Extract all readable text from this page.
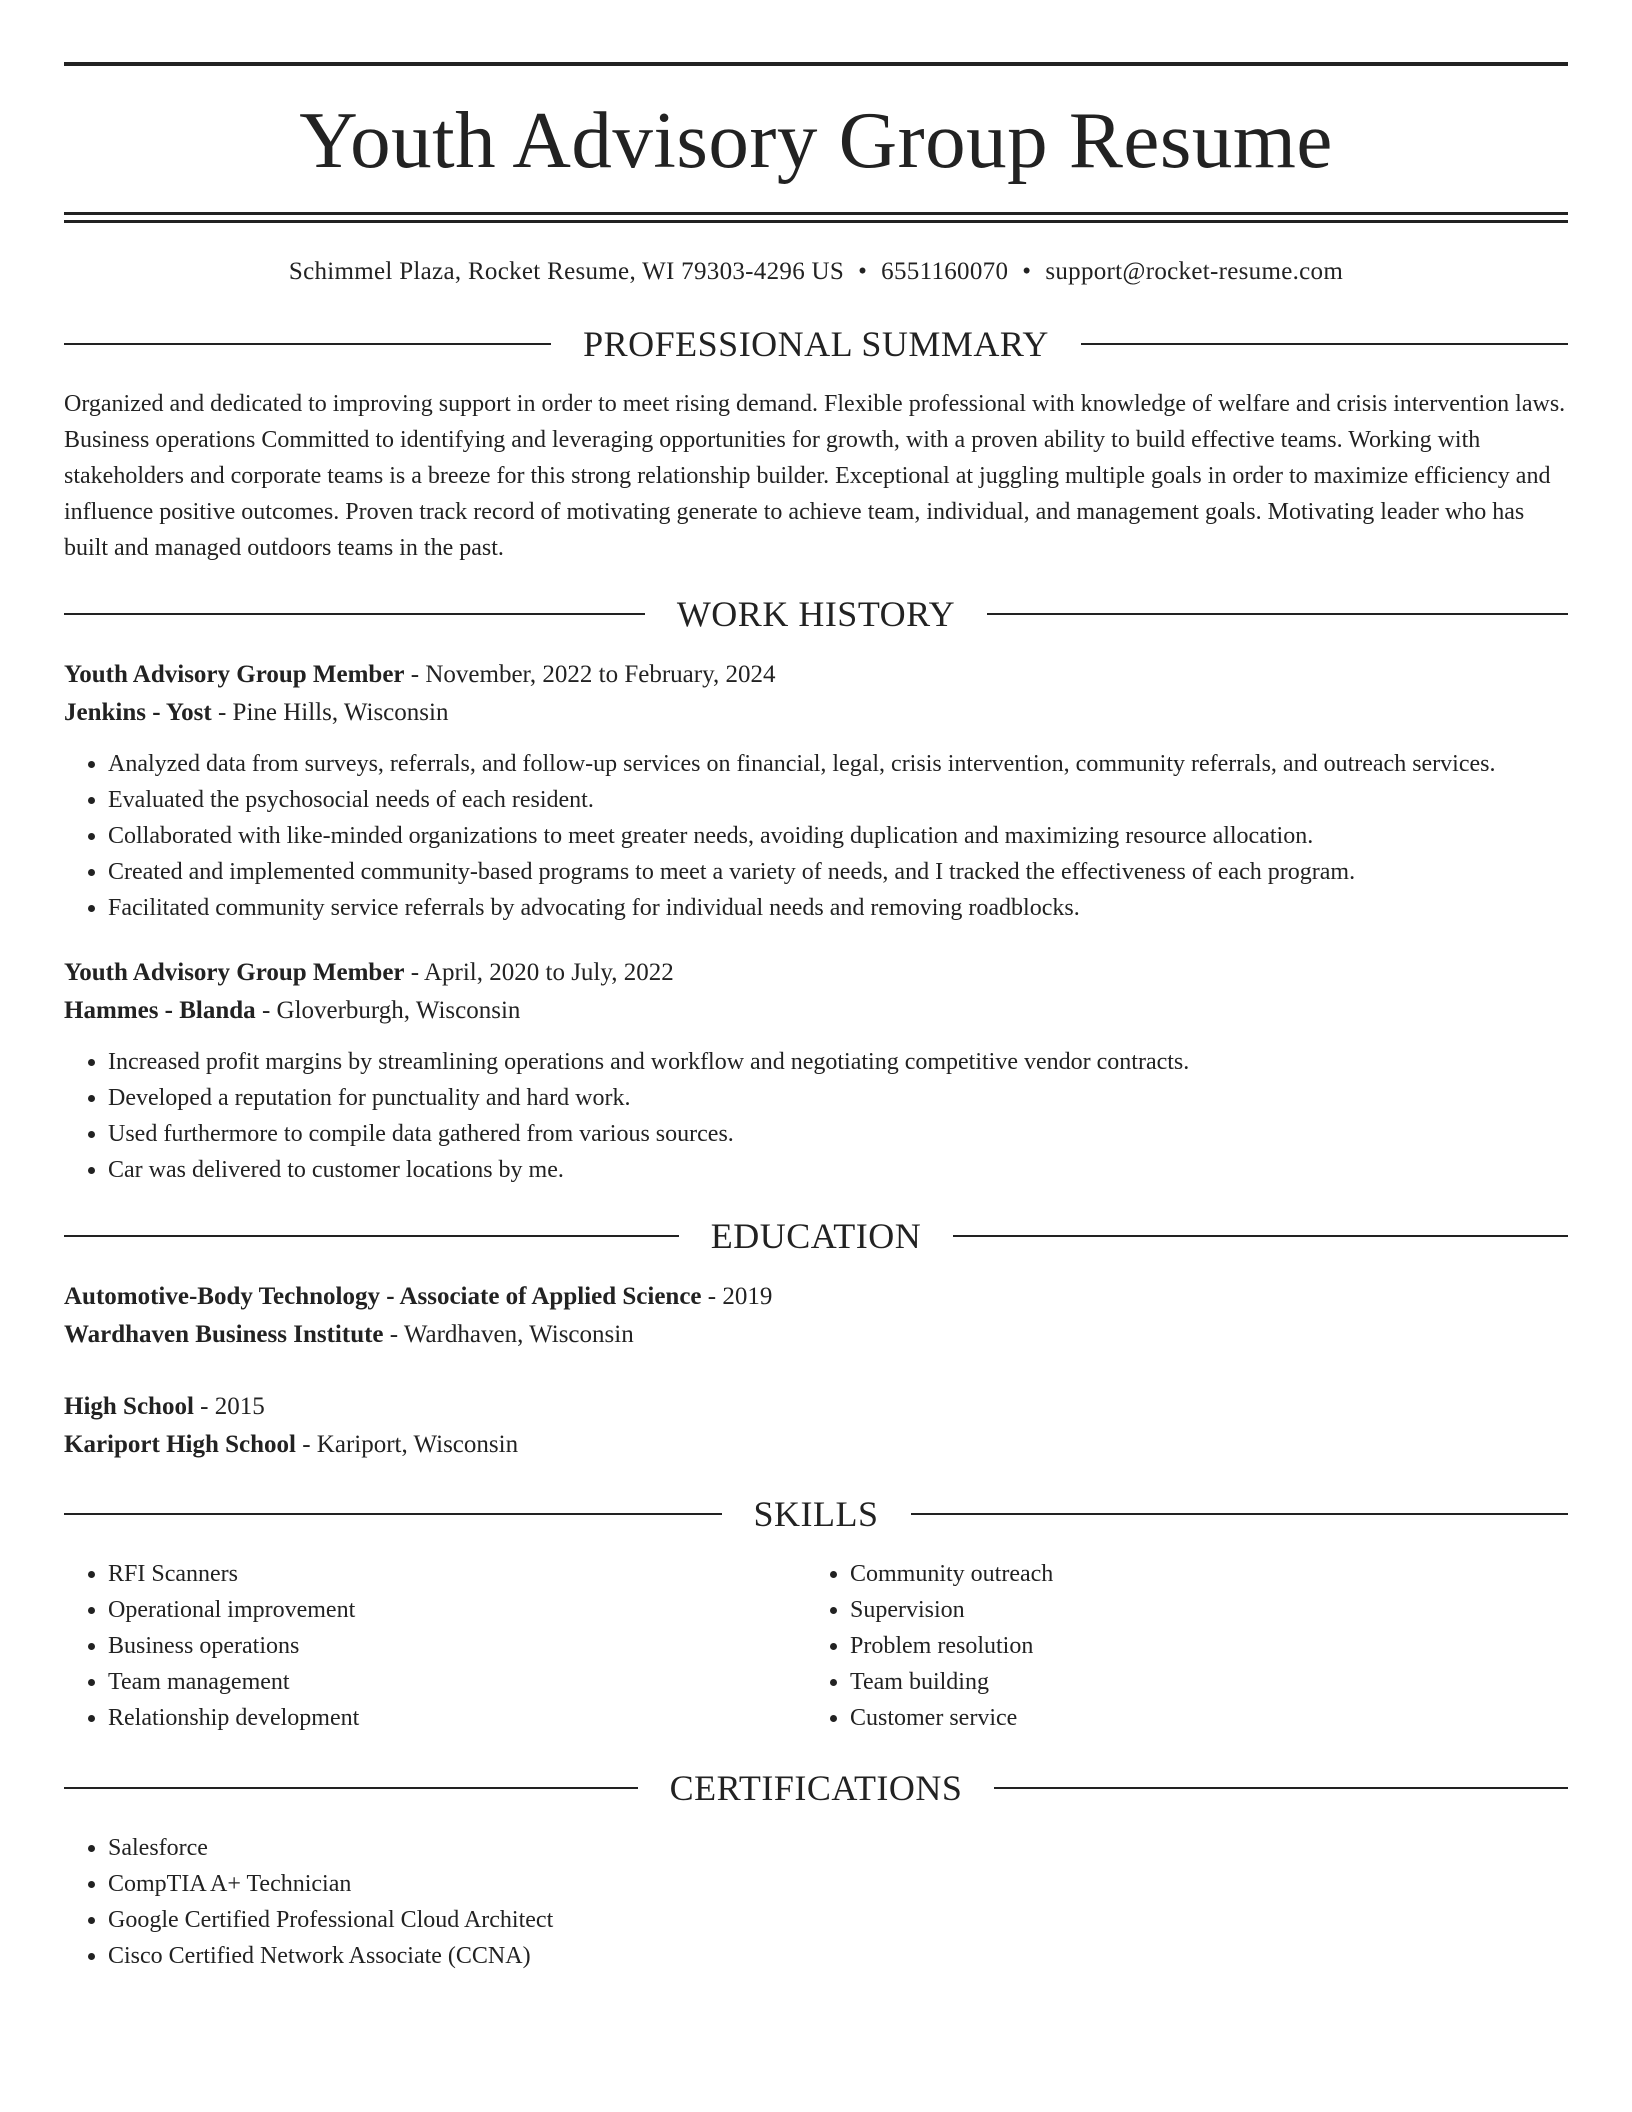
Youth Advisory Group Resume
Schimmel Plaza, Rocket Resume, WI 79303-4296 US • 6551160070 • support@rocket-resume.com
PROFESSIONAL SUMMARY

Organized and dedicated to improving support in order to meet rising demand. Flexible professional with knowledge of welfare and crisis intervention laws. Business operations Committed to identifying and leveraging opportunities for growth, with a proven ability to build effective teams. Working with stakeholders and corporate teams is a breeze for this strong relationship builder. Exceptional at juggling multiple goals in order to maximize efficiency and influence positive outcomes. Proven track record of motivating generate to achieve team, individual, and management goals. Motivating leader who has built and managed outdoors teams in the past.

WORK HISTORY
Youth Advisory Group Member - November, 2022 to February, 2024
Jenkins - Yost - Pine Hills, Wisconsin
• Analyzed data from surveys, referrals, and follow-up services on financial, legal, crisis intervention, community referrals, and outreach services.
• Evaluated the psychosocial needs of each resident.
• Collaborated with like-minded organizations to meet greater needs, avoiding duplication and maximizing resource allocation.
• Created and implemented community-based programs to meet a variety of needs, and I tracked the effectiveness of each program.
• Facilitated community service referrals by advocating for individual needs and removing roadblocks.
Youth Advisory Group Member - April, 2020 to July, 2022
Hammes - Blanda - Gloverburgh, Wisconsin
• Increased profit margins by streamlining operations and workflow and negotiating competitive vendor contracts.
• Developed a reputation for punctuality and hard work.
• Used furthermore to compile data gathered from various sources.
• Car was delivered to customer locations by me.
EDUCATION
Automotive-Body Technology - Associate of Applied Science - 2019
Wardhaven Business Institute - Wardhaven, Wisconsin
High School - 2015
Kariport High School - Kariport, Wisconsin
SKILLS
• RFI Scanners
• Operational improvement
• Business operations
• Team management
• Relationship development
• Community outreach
• Supervision
• Problem resolution
• Team building
• Customer service
CERTIFICATIONS
• Salesforce
• CompTIA A+ Technician
• Google Certified Professional Cloud Architect
• Cisco Certified Network Associate (CCNA)
